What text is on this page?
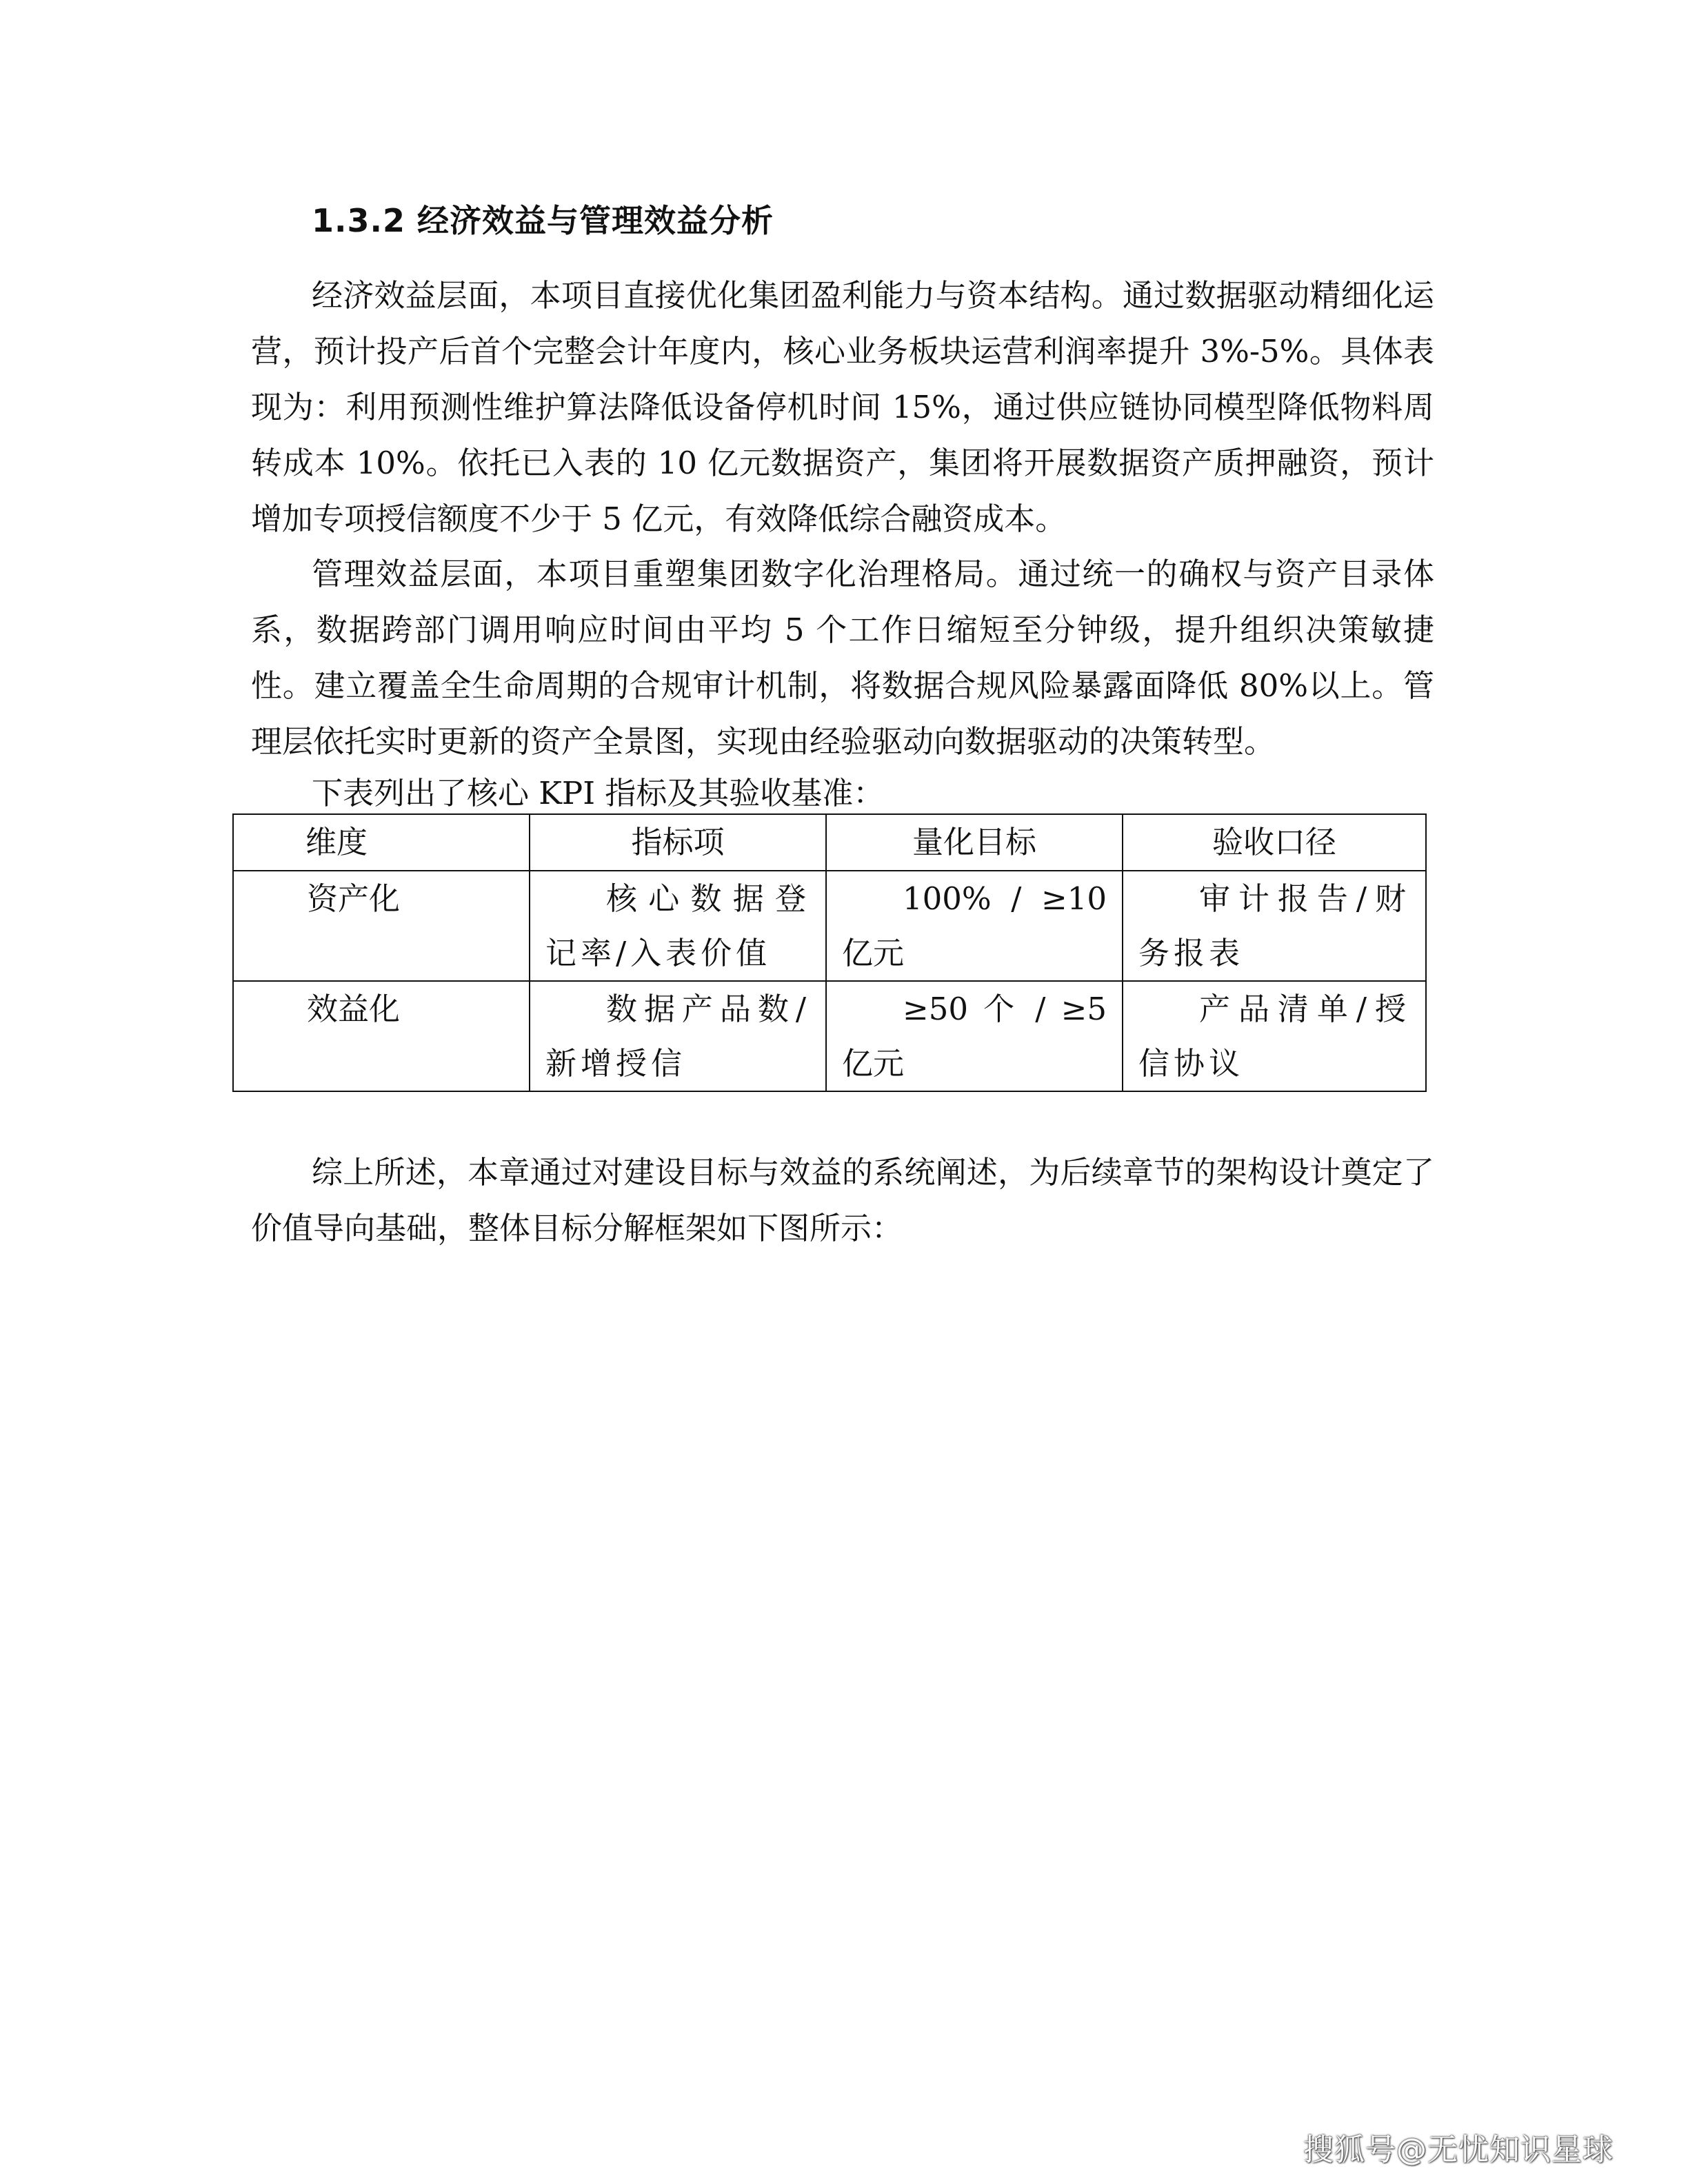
1.3.2 经济效益与管理效益分析

经济效益层面，本项目直接优化集团盈利能力与资本结构。通过数据驱动精细化运营，预计投产后首个完整会计年度内，核心业务板块运营利润率提升 3%-5%。具体表现为：利用预测性维护算法降低设备停机时间 15%，通过供应链协同模型降低物料周转成本 10%。依托已入表的 10 亿元数据资产，集团将开展数据资产质押融资，预计增加专项授信额度不少于 5 亿元，有效降低综合融资成本。

管理效益层面，本项目重塑集团数字化治理格局。通过统一的确权与资产目录体系，数据跨部门调用响应时间由平均 5 个工作日缩短至分钟级，提升组织决策敏捷性。建立覆盖全生命周期的合规审计机制，将数据合规风险暴露面降低 80%以上。管理层依托实时更新的资产全景图，实现由经验驱动向数据驱动的决策转型。

下表列出了核心 KPI 指标及其验收基准：

维度	指标项	量化目标	验收口径
资产化	核心数据登记率/入表价值	100% / ≥10 亿元	审计报告/财务报表
效益化	数据产品数/新增授信	≥50 个 / ≥5 亿元	产品清单/授信协议

综上所述，本章通过对建设目标与效益的系统阐述，为后续章节的架构设计奠定了价值导向基础，整体目标分解框架如下图所示：

搜狐号@无忧知识星球
